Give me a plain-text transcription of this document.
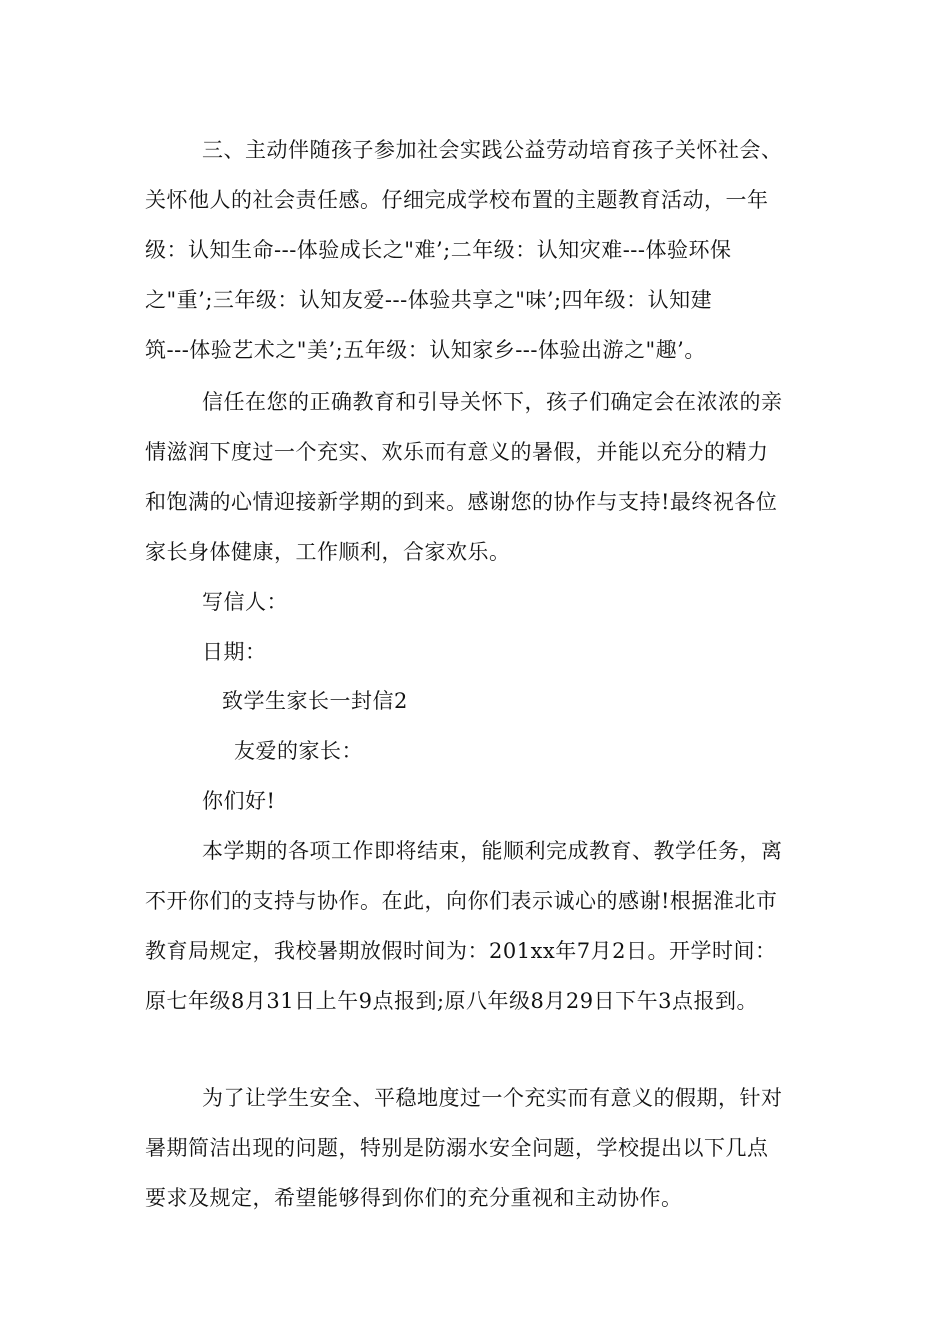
三、主动伴随孩子参加社会实践公益劳动培育孩子关怀社会、
关怀他人的社会责任感。仔细完成学校布置的主题教育活动，一年
级：认知生命---体验成长之"难’;二年级：认知灾难---体验环保
之"重’;三年级：认知友爱---体验共享之"味’;四年级：认知建
筑---体验艺术之"美’;五年级：认知家乡---体验出游之"趣’。
信任在您的正确教育和引导关怀下，孩子们确定会在浓浓的亲
情滋润下度过一个充实、欢乐而有意义的暑假，并能以充分的精力
和饱满的心情迎接新学期的到来。感谢您的协作与支持!最终祝各位
家长身体健康，工作顺利，合家欢乐。
写信人：
日期：
致学生家长一封信2
友爱的家长：
你们好!
本学期的各项工作即将结束，能顺利完成教育、教学任务，离
不开你们的支持与协作。在此，向你们表示诚心的感谢!根据淮北市
教育局规定，我校暑期放假时间为：201xx年7月2日。开学时间：
原七年级8月31日上午9点报到;原八年级8月29日下午3点报到。
为了让学生安全、平稳地度过一个充实而有意义的假期，针对
暑期简洁出现的问题，特别是防溺水安全问题，学校提出以下几点
要求及规定，希望能够得到你们的充分重视和主动协作。
